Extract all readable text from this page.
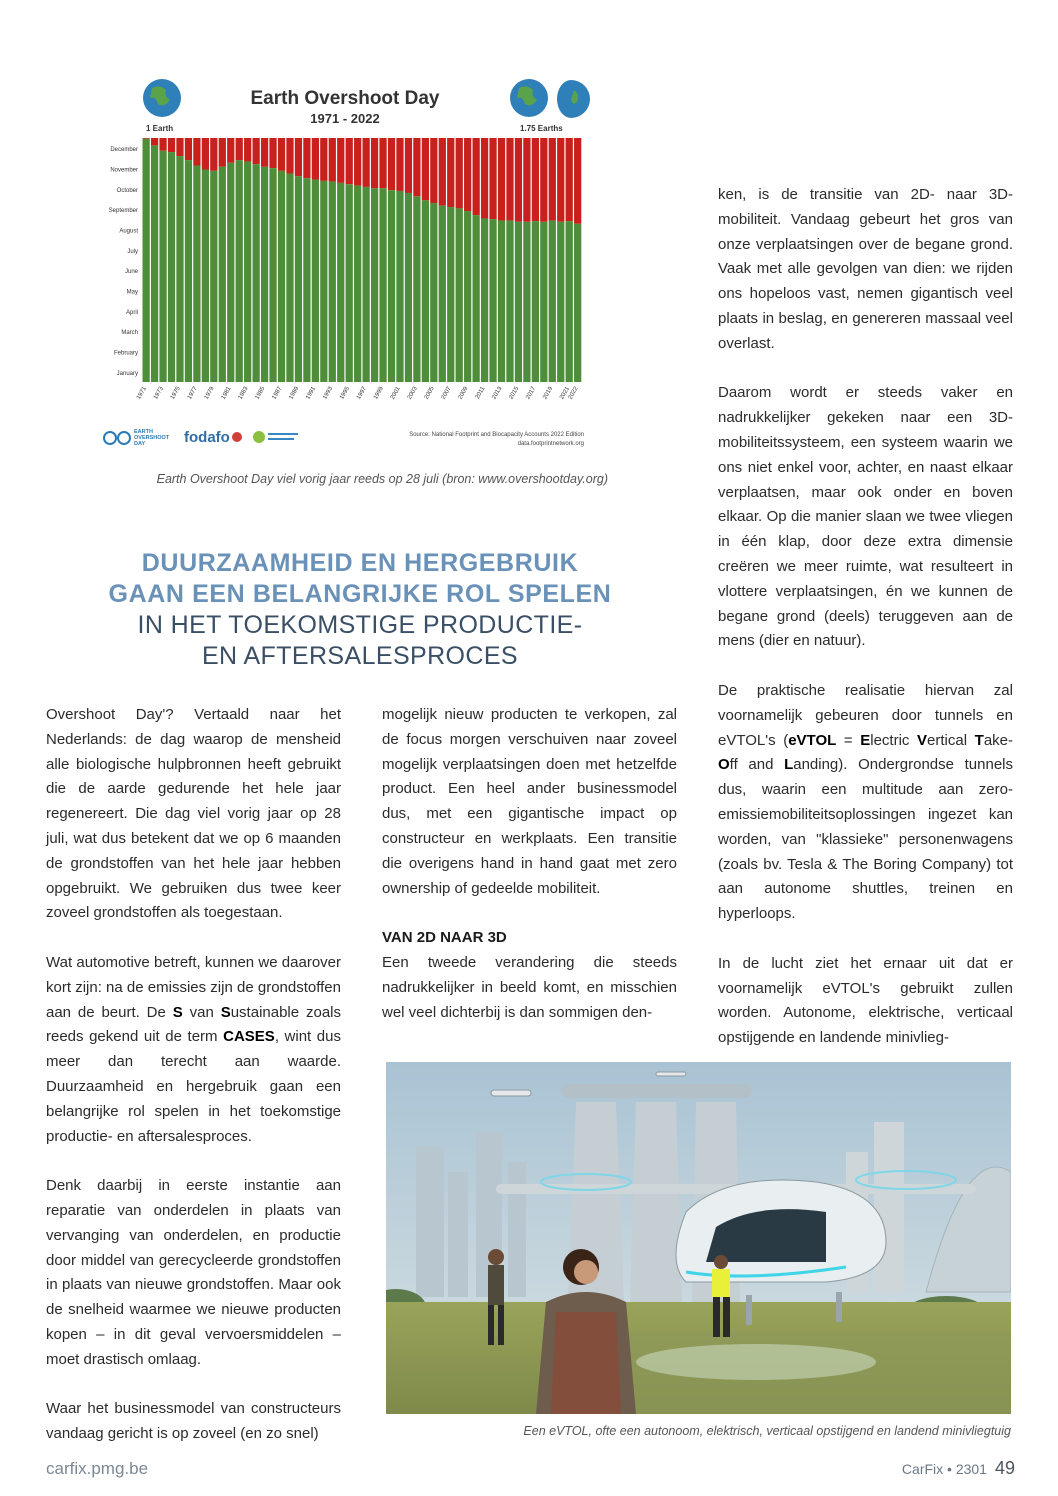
Earth Overshoot Day
1971 - 2022
1 Earth	1.75 Earths
December
November
October
September
August
July
June
May
April
March
February
January
1971 1973 1975 1977 1979 1981 1983 1985 1987 1989 1991 1993 1995 1997 1999 2001 2003 2005 2007 2009 2011 2013 2015 2017 2019 2021
2022
EARTH
OVERSHOOT
DAY	fodafo	Source: National Footprint and Biocapacity Accounts 2022 Edition
data.footprintnetwork.org
Earth Overshoot Day viel vorig jaar reeds op 28 juli (bron: www.overshootday.org)
DUURZAAMHEID EN HERGEBRUIK
GAAN EEN BELANGRIJKE ROL SPELEN
IN HET TOEKOMSTIGE PRODUCTIE-
EN AFTERSALESPROCES

Overshoot Day'? Vertaald naar het Nederlands: de dag waarop de mensheid alle biologische hulpbronnen heeft gebruikt die de aarde gedurende het hele jaar regenereert. Die dag viel vorig jaar op 28 juli, wat dus betekent dat we op 6 maanden de grondstoffen van het hele jaar hebben opgebruikt. We gebruiken dus twee keer zoveel grondstoffen als toegestaan.

Wat automotive betreft, kunnen we daarover kort zijn: na de emissies zijn de grondstoffen aan de beurt. De S van Sustainable zoals reeds gekend uit de term CASES, wint dus meer dan terecht aan waarde. Duurzaamheid en hergebruik gaan een belangrijke rol spelen in het toekomstige productie- en aftersalesproces.

Denk daarbij in eerste instantie aan reparatie van onderdelen in plaats van vervanging van onderdelen, en productie door middel van gerecycleerde grondstoffen in plaats van nieuwe grondstoffen. Maar ook de snelheid waarmee we nieuwe producten kopen – in dit geval vervoersmiddelen – moet drastisch omlaag.

Waar het businessmodel van constructeurs vandaag gericht is op zoveel (en zo snel)

mogelijk nieuw producten te verkopen, zal de focus morgen verschuiven naar zoveel mogelijk verplaatsingen doen met hetzelfde product. Een heel ander businessmodel dus, met een gigantische impact op constructeur en werkplaats. Een transitie die overigens hand in hand gaat met zero ownership of gedeelde mobiliteit.

VAN 2D NAAR 3D

Een tweede verandering die steeds nadrukkelijker in beeld komt, en misschien wel veel dichterbij is dan sommigen den-

ken, is de transitie van 2D- naar 3D-mobiliteit. Vandaag gebeurt het gros van onze verplaatsingen over de begane grond. Vaak met alle gevolgen van dien: we rijden ons hopeloos vast, nemen gigantisch veel plaats in beslag, en genereren massaal veel overlast.

Daarom wordt er steeds vaker en nadrukkelijker gekeken naar een 3D-mobiliteitssysteem, een systeem waarin we ons niet enkel voor, achter, en naast elkaar verplaatsen, maar ook onder en boven elkaar. Op die manier slaan we twee vliegen in één klap, door deze extra dimensie creëren we meer ruimte, wat resulteert in vlottere verplaatsingen, én we kunnen de begane grond (deels) teruggeven aan de mens (dier en natuur).

De praktische realisatie hiervan zal voornamelijk gebeuren door tunnels en eVTOL's (eVTOL = Electric Vertical Take-Off and Landing). Ondergrondse tunnels dus, waarin een multitude aan zero-emissiemobiliteitsoplossingen ingezet kan worden, van "klassieke" personenwagens (zoals bv. Tesla & The Boring Company) tot aan autonome shuttles, treinen en hyperloops.

In de lucht ziet het ernaar uit dat er voornamelijk eVTOL's gebruikt zullen worden. Autonome, elektrische, verticaal opstijgende en landende minivlieg-

Een eVTOL, ofte een autonoom, elektrisch, verticaal opstijgend en landend minivliegtuig
carfix.pmg.be	CarFix • 2301 49
